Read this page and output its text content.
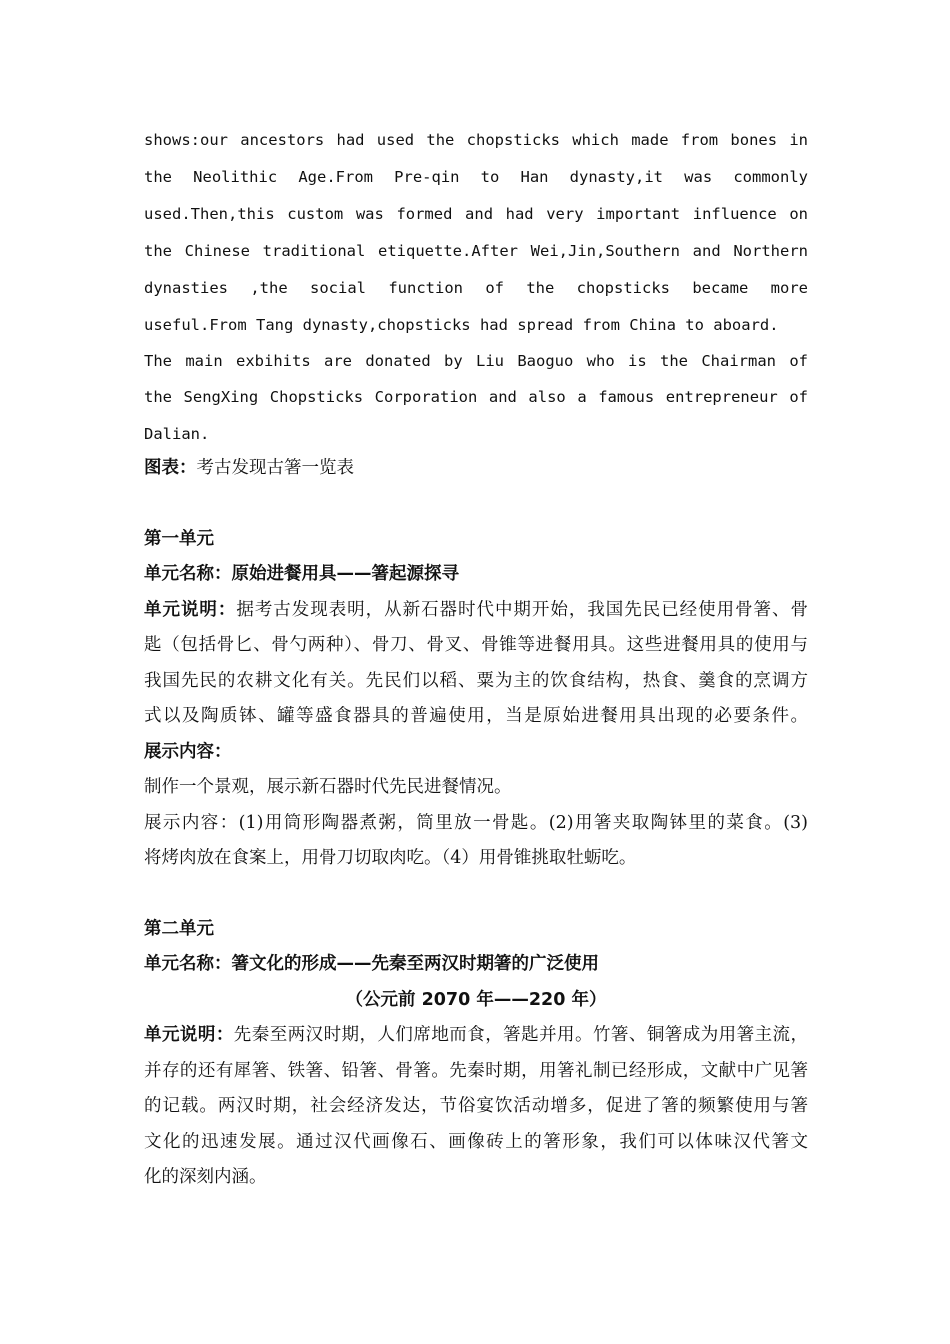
shows:our ancestors had used the chopsticks which made from bones in
the Neolithic Age.From Pre-qin to Han dynasty,it was commonly
used.Then,this custom was formed and had very important influence on
the Chinese traditional etiquette.After Wei,Jin,Southern and Northern
dynasties ,the social function of the chopsticks became more
useful.From Tang dynasty,chopsticks had spread from China to aboard.
The main exbihits are donated by Liu Baoguo who is the Chairman of
the SengXing Chopsticks Corporation and also a famous entrepreneur of
Dalian.
图表：考古发现古箸一览表
第一单元
单元名称：原始进餐用具——箸起源探寻
单元说明：据考古发现表明，从新石器时代中期开始，我国先民已经使用骨箸、骨
匙（包括骨匕、骨勺两种）、骨刀、骨叉、骨锥等进餐用具。这些进餐用具的使用与
我国先民的农耕文化有关。先民们以稻、粟为主的饮食结构，热食、羹食的烹调方
式以及陶质钵、罐等盛食器具的普遍使用，当是原始进餐用具出现的必要条件。
展示内容：
制作一个景观，展示新石器时代先民进餐情况。
展示内容：(1)用筒形陶器煮粥，筒里放一骨匙。(2)用箸夹取陶钵里的菜食。(3)
将烤肉放在食案上，用骨刀切取肉吃。（4）用骨锥挑取牡蛎吃。
第二单元
单元名称：箸文化的形成——先秦至两汉时期箸的广泛使用
（公元前 2070 年——220 年）
单元说明：先秦至两汉时期，人们席地而食，箸匙并用。竹箸、铜箸成为用箸主流，
并存的还有犀箸、铁箸、铅箸、骨箸。先秦时期，用箸礼制已经形成，文献中广见箸
的记载。两汉时期，社会经济发达，节俗宴饮活动增多，促进了箸的频繁使用与箸
文化的迅速发展。通过汉代画像石、画像砖上的箸形象，我们可以体味汉代箸文
化的深刻内涵。
